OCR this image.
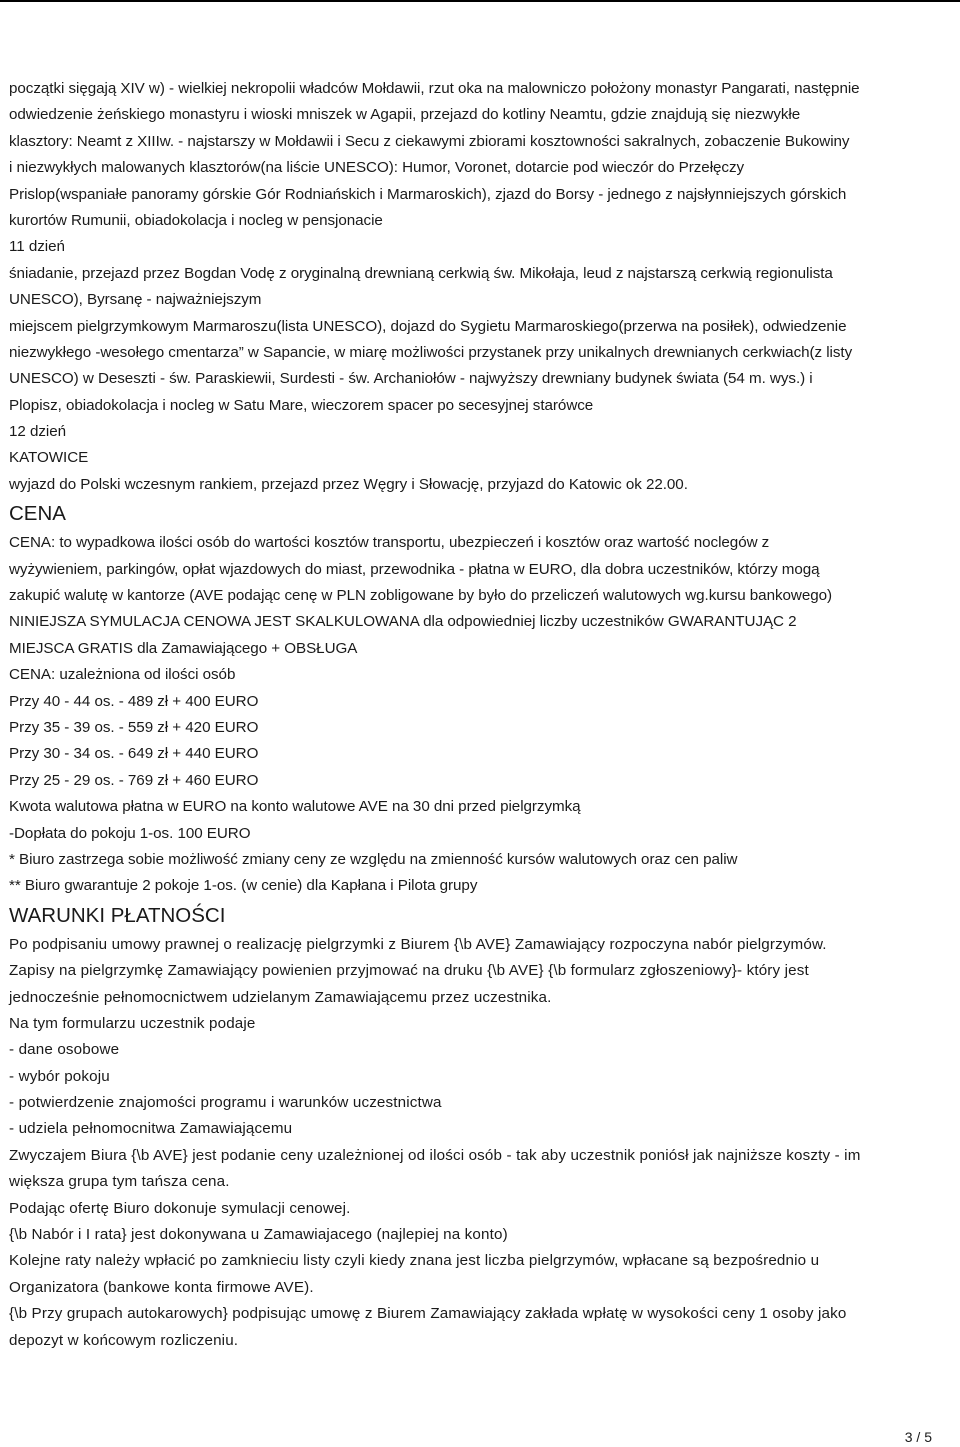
początki sięgają XIV w) - wielkiej nekropolii władców Mołdawii, rzut oka na malowniczo położony monastyr Pangarati, następnie
odwiedzenie żeńskiego monastyru i wioski mniszek w Agapii, przejazd do kotliny Neamtu, gdzie znajdują się niezwykłe
klasztory: Neamt z XIIIw. - najstarszy w Mołdawii i Secu z ciekawymi zbiorami kosztowności sakralnych, zobaczenie Bukowiny
i niezwykłych malowanych klasztorów(na liście UNESCO): Humor, Voronet, dotarcie pod wieczór do Przełęczy
Prislop(wspaniałe panoramy górskie Gór Rodniańskich i Marmaroskich), zjazd do Borsy - jednego z najsłynniejszych górskich
kurortów Rumunii, obiadokolacja i nocleg w pensjonacie
11 dzień
śniadanie, przejazd przez Bogdan Vodę z oryginalną drewnianą cerkwią św. Mikołaja, leud z najstarszą cerkwią regionulista
UNESCO), Byrsanę - najważniejszym
miejscem pielgrzymkowym Marmaroszu(lista UNESCO), dojazd do Sygietu Marmaroskiego(przerwa na posiłek), odwiedzenie
niezwykłego -wesołego cmentarza” w Sapancie, w miarę możliwości przystanek przy unikalnych drewnianych cerkwiach(z listy
UNESCO) w Deseszti - św. Paraskiewii, Surdesti - św. Archaniołów - najwyższy drewniany budynek świata (54 m. wys.) i
Plopisz, obiadokolacja i nocleg w Satu Mare, wieczorem spacer po secesyjnej starówce
12 dzień
KATOWICE
wyjazd do Polski wczesnym rankiem, przejazd przez Węgry i Słowację, przyjazd do Katowic ok 22.00.
CENA
CENA: to wypadkowa ilości osób do wartości kosztów transportu, ubezpieczeń i kosztów oraz wartość noclegów z
wyżywieniem, parkingów, opłat wjazdowych do miast, przewodnika - płatna w EURO, dla dobra uczestników, którzy mogą
zakupić walutę w kantorze (AVE podając cenę w PLN zobligowane by było do przeliczeń walutowych wg.kursu bankowego)
NINIEJSZA SYMULACJA CENOWA JEST SKALKULOWANA dla odpowiedniej liczby uczestników GWARANTUJĄC 2
MIEJSCA GRATIS dla Zamawiającego + OBSŁUGA
CENA: uzależniona od ilości osób
Przy 40 - 44 os. - 489 zł + 400 EURO
Przy 35 - 39 os. - 559 zł + 420 EURO
Przy 30 - 34 os. - 649 zł + 440 EURO
Przy 25 - 29 os. - 769 zł + 460 EURO
Kwota walutowa płatna w EURO na konto walutowe AVE na 30 dni przed pielgrzymką
-Dopłata do pokoju 1-os. 100 EURO
* Biuro zastrzega sobie możliwość zmiany ceny ze względu na zmienność kursów walutowych oraz cen paliw
** Biuro gwarantuje 2 pokoje 1-os. (w cenie) dla Kapłana i Pilota grupy
WARUNKI PŁATNOŚCI
Po podpisaniu umowy prawnej o realizację pielgrzymki z Biurem {\b AVE} Zamawiający rozpoczyna nabór pielgrzymów.
Zapisy na pielgrzymkę Zamawiający powienien przyjmować na druku {\b AVE} {\b formularz zgłoszeniowy}- który jest
jednocześnie pełnomocnictwem udzielanym Zamawiającemu przez uczestnika.
Na tym formularzu uczestnik podaje
- dane osobowe
- wybór pokoju
- potwierdzenie znajomości programu i warunków uczestnictwa
- udziela pełnomocnitwa Zamawiającemu
Zwyczajem Biura {\b AVE} jest podanie ceny uzależnionej od ilości osób - tak aby uczestnik poniósł jak najniższe koszty - im
większa grupa tym tańsza cena.
Podając ofertę Biuro dokonuje symulacji cenowej.
{\b Nabór i I rata} jest dokonywana u Zamawiajacego (najlepiej na konto)
Kolejne raty należy wpłacić po zamknieciu listy czyli kiedy znana jest liczba pielgrzymów, wpłacane są bezpośrednio u
Organizatora (bankowe konta firmowe AVE).
{\b Przy grupach autokarowych} podpisując umowę z Biurem Zamawiający zakłada wpłatę w wysokości ceny 1 osoby jako
depozyt w końcowym rozliczeniu.
3 / 5
